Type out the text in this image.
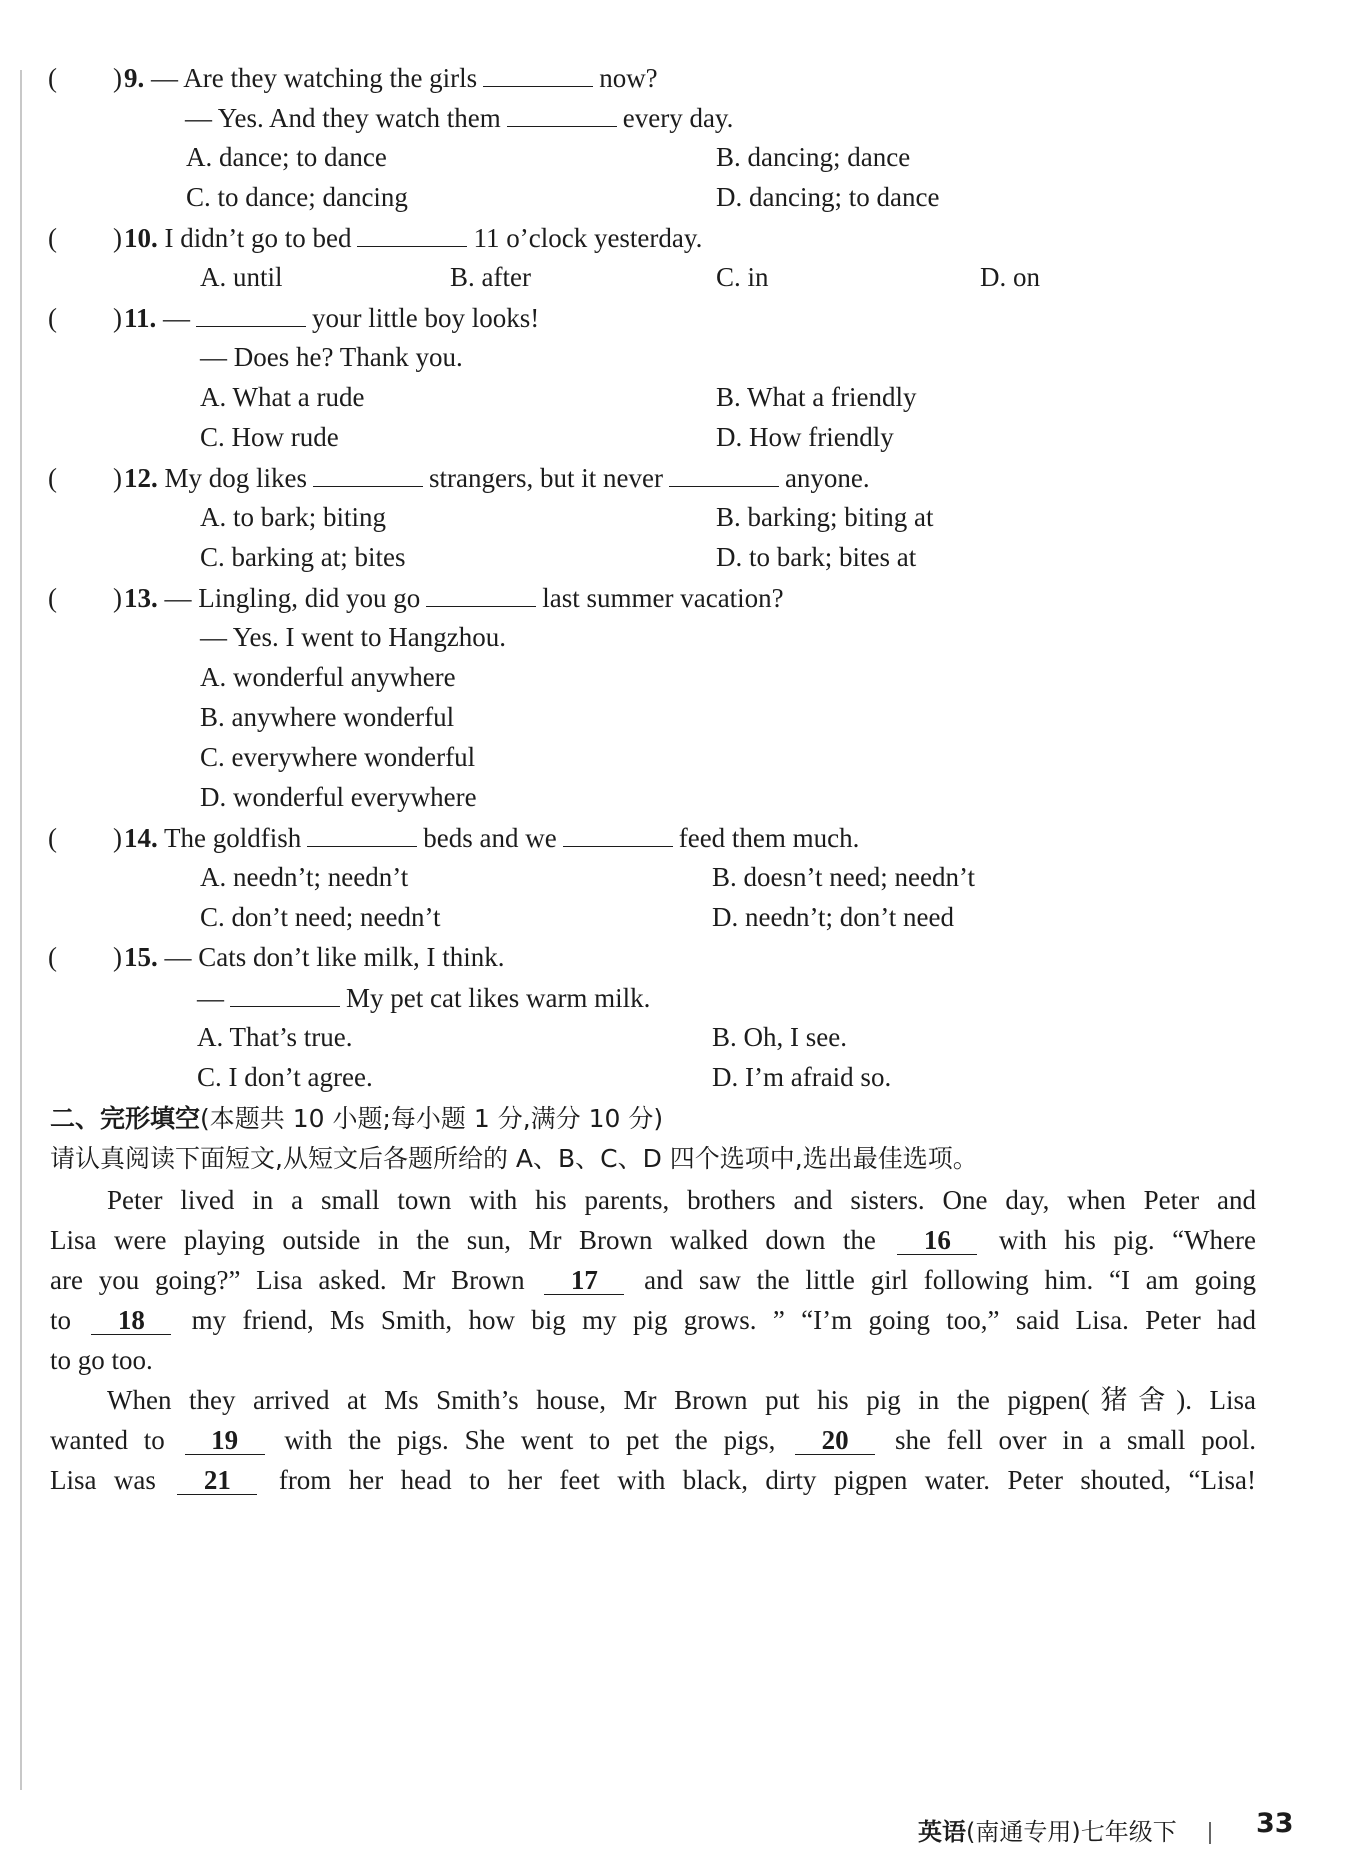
( )9. — Are they watching the girls	now?
— Yes. And they watch them	every day.
A. dance; to dance	B. dancing; dance
C. to dance; dancing	D. dancing; to dance
( )10. I didn’t go to bed	11 o’clock yesterday.
A. until	B. after	C. in	D. on
( )11. —	your little boy looks!
— Does he? Thank you.
A. What a rude	B. What a friendly
C. How rude	D. How friendly
( )12. My dog likes	strangers, but it never	anyone.
A. to bark; biting	B. barking; biting at
C. barking at; bites	D. to bark; bites at
( )13. — Lingling, did you go	last summer vacation?
— Yes. I went to Hangzhou.
A. wonderful anywhere
B. anywhere wonderful
C. everywhere wonderful
D. wonderful everywhere
( )14. The goldfish	beds and we	feed them much.
A. needn’t; needn’t	B. doesn’t need; needn’t
C. don’t need; needn’t	D. needn’t; don’t need
( )15. — Cats don’t like milk, I think.
—	My pet cat likes warm milk.
A. That’s true.	B. Oh, I see.
C. I don’t agree.	D. I’m afraid so.
二、完形填空(本题共 10 小题;每小题 1 分,满分 10 分)
请认真阅读下面短文,从短文后各题所给的 A、B、C、D 四个选项中,选出最佳选项。
Peter lived in a small town with his parents, brothers and sisters. One day, when Peter and
Lisa were playing outside in the sun, Mr Brown walked down the 16 with his pig. “Where
are you going?” Lisa asked. Mr Brown 17 and saw the little girl following him. “I am going
to 18 my friend, Ms Smith, how big my pig grows. ” “I’m going too,” said Lisa. Peter had
to go too.
When they arrived at Ms Smith’s house, Mr Brown put his pig in the pigpen(猪舍). Lisa
wanted to 19 with the pigs. She went to pet the pigs, 20 she fell over in a small pool.
Lisa was 21 from her head to her feet with black, dirty pigpen water. Peter shouted, “Lisa!
英语(南通专用)七年级下	33
